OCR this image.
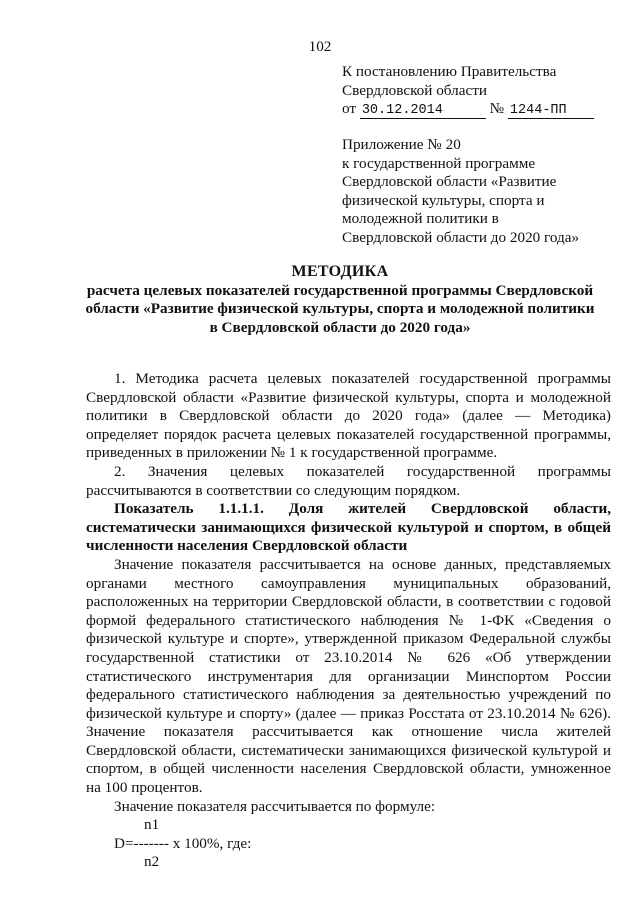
102
К постановлению Правительства
Свердловской области
от 30.12.2014	№ 1244-ПП
Приложение № 20
к государственной программе
Свердловской области «Развитие
физической культуры, спорта и
молодежной политики в
Свердловской области до 2020 года»
МЕТОДИКА
расчета целевых показателей государственной программы Свердловской
области «Развитие физической культуры, спорта и молодежной политики
в Свердловской области до 2020 года»

1. Методика расчета целевых показателей государственной программы Свердловской области «Развитие физической культуры, спорта и молодежной политики в Свердловской области до 2020 года» (далее — Методика) определяет порядок расчета целевых показателей государственной программы, приведенных в приложении № 1 к государственной программе.

2. Значения целевых показателей государственной программы рассчитываются в соответствии со следующим порядком.

Показатель 1.1.1.1. Доля жителей Свердловской области, систематически занимающихся физической культурой и спортом, в общей численности населения Свердловской области

Значение показателя рассчитывается на основе данных, представляемых органами местного самоуправления муниципальных образований, расположенных на территории Свердловской области, в соответствии с годовой формой федерального статистического наблюдения № 1-ФК «Сведения о физической культуре и спорте», утвержденной приказом Федеральной службы государственной статистики от 23.10.2014 № 626 «Об утверждении статистического инструментария для организации Минспортом России федерального статистического наблюдения за деятельностью учреждений по физической культуре и спорту» (далее — приказ Росстата от 23.10.2014 № 626). Значение показателя рассчитывается как отношение числа жителей Свердловской области, систематически занимающихся физической культурой и спортом, в общей численности населения Свердловской области, умноженное на 100 процентов.

Значение показателя рассчитывается по формуле:

n1
D=------- х 100%, где:
n2
